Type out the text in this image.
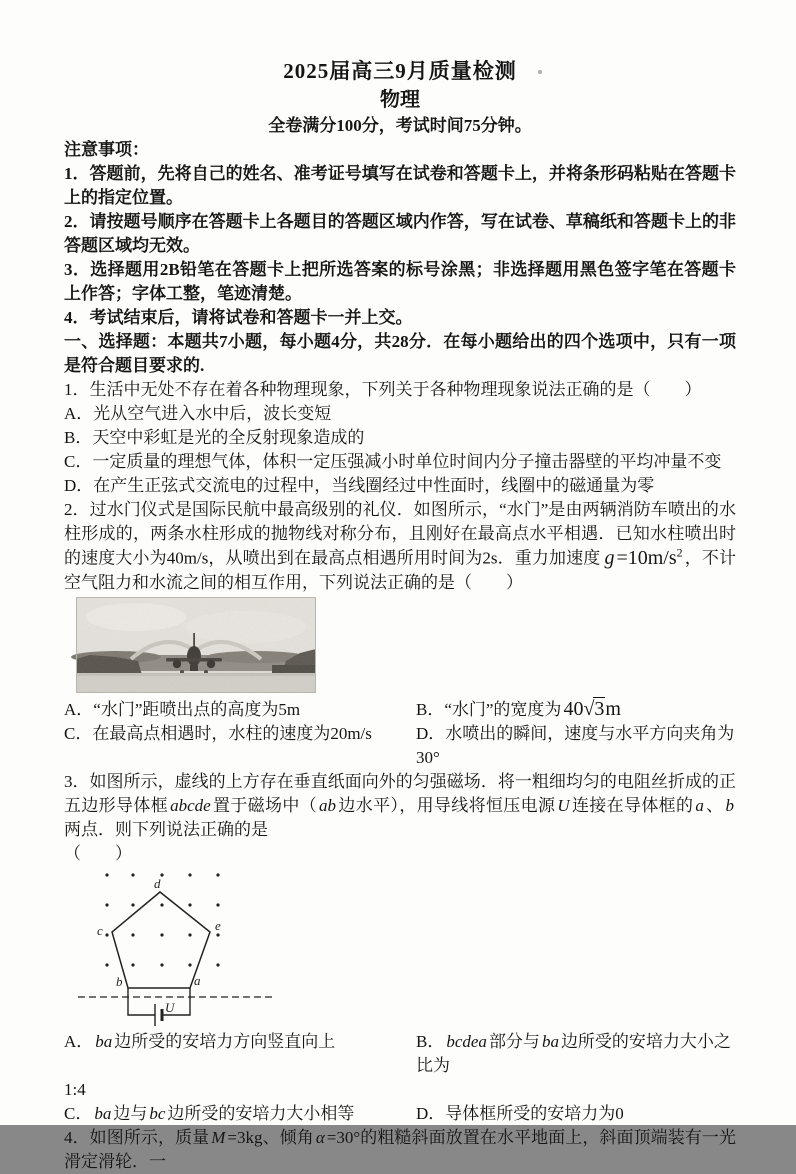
2025届高三9月质量检测
物理
全卷满分100分，考试时间75分钟。

注意事项：

1．答题前，先将自己的姓名、准考证号填写在试卷和答题卡上，并将条形码粘贴在答题卡上的指定位置。

2．请按题号顺序在答题卡上各题目的答题区域内作答，写在试卷、草稿纸和答题卡上的非答题区域均无效。

3．选择题用2B铅笔在答题卡上把所选答案的标号涂黑；非选择题用黑色签字笔在答题卡上作答；字体工整，笔迹清楚。

4．考试结束后，请将试卷和答题卡一并上交。

一、选择题：本题共7小题，每小题4分，共28分．在每小题给出的四个选项中，只有一项是符合题目要求的.

1．生活中无处不存在着各种物理现象，下列关于各种物理现象说法正确的是（　　）

A．光从空气进入水中后，波长变短

B．天空中彩虹是光的全反射现象造成的

C．一定质量的理想气体，体积一定压强减小时单位时间内分子撞击器壁的平均冲量不变

D．在产生正弦式交流电的过程中，当线圈经过中性面时，线圈中的磁通量为零

2．过水门仪式是国际民航中最高级别的礼仪．如图所示，“水门”是由两辆消防车喷出的水柱形成的，两条水柱形成的抛物线对称分布，且刚好在最高点水平相遇．已知水柱喷出时的速度大小为40m/s，从喷出到在最高点相遇所用时间为2s．重力加速度 $g =10m/s^2$ ，不计空气阻力和水流之间的相互作用，下列说法正确的是（　　）

A．“水门”距喷出点的高度为5m	B．“水门”的宽度为 40√3m
C．在最高点相遇时，水柱的速度为20m/s	D．水喷出的瞬间，速度与水平方向夹角为30°

3．如图所示，虚线的上方存在垂直纸面向外的匀强磁场．将一粗细均匀的电阻丝折成的正五边形导体框 abcde 置于磁场中（ ab 边水平），用导线将恒压电源 U 连接在导体框的 a 、 b两点．则下列说法正确的是

（　　）

d
c	e
b	a
U
A． ba 边所受的安培力方向竖直向上	B． bcdea 部分与 ba 边所受的安培力大小之比为

1:4

C． ba 边与 bc 边所受的安培力大小相等	D．导体框所受的安培力为0

4．如图所示，质量 M =3kg、倾角 α =30°的粗糙斜面放置在水平地面上，斜面顶端装有一光滑定滑轮．一
